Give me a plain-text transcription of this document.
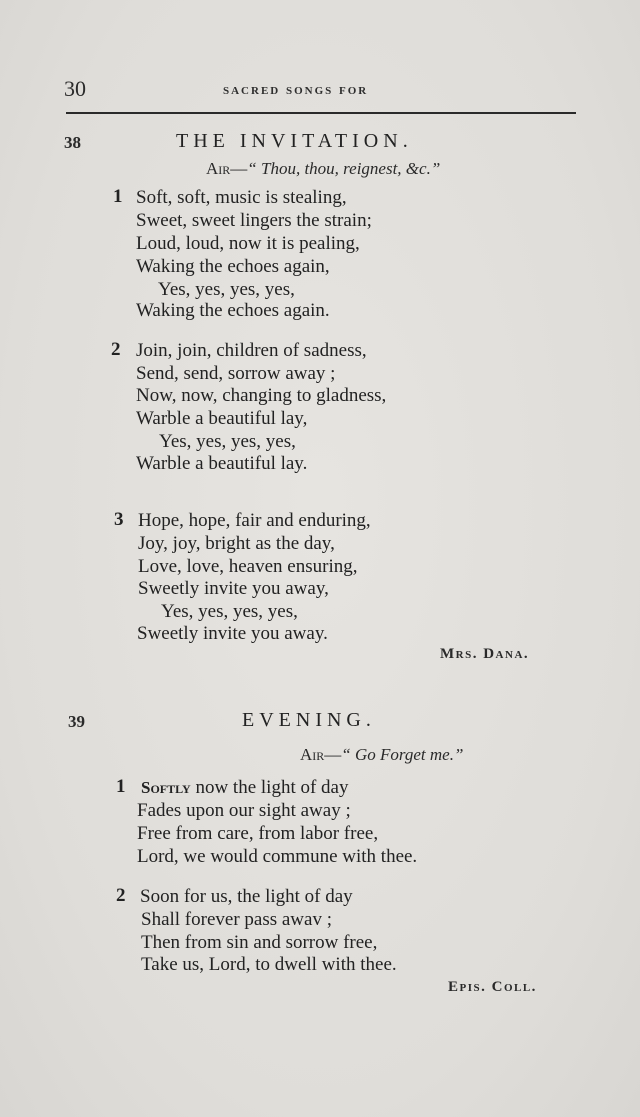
30	sacred songs for
38	THE INVITATION.
Air—“ Thou, thou, reignest, &c.”
1 Soft, soft, music is stealing,
Sweet, sweet lingers the strain;
Loud, loud, now it is pealing,
Waking the echoes again,
Yes, yes, yes, yes,
Waking the echoes again.
2 Join, join, children of sadness,
Send, send, sorrow away ;
Now, now, changing to gladness,
Warble a beautiful lay,
Yes, yes, yes, yes,
Warble a beautiful lay.
3 Hope, hope, fair and enduring,
Joy, joy, bright as the day,
Love, love, heaven ensuring,
Sweetly invite you away,
Yes, yes, yes, yes,
Sweetly invite you away.
Mrs. Dana.
39	EVENING.
Air—“ Go Forget me.”
1 Softly now the light of day
Fades upon our sight away ;
Free from care, from labor free,
Lord, we would commune with thee.
2 Soon for us, the light of day
Shall forever pass awav ;
Then from sin and sorrow free,
Take us, Lord, to dwell with thee.
Epis. Coll.
